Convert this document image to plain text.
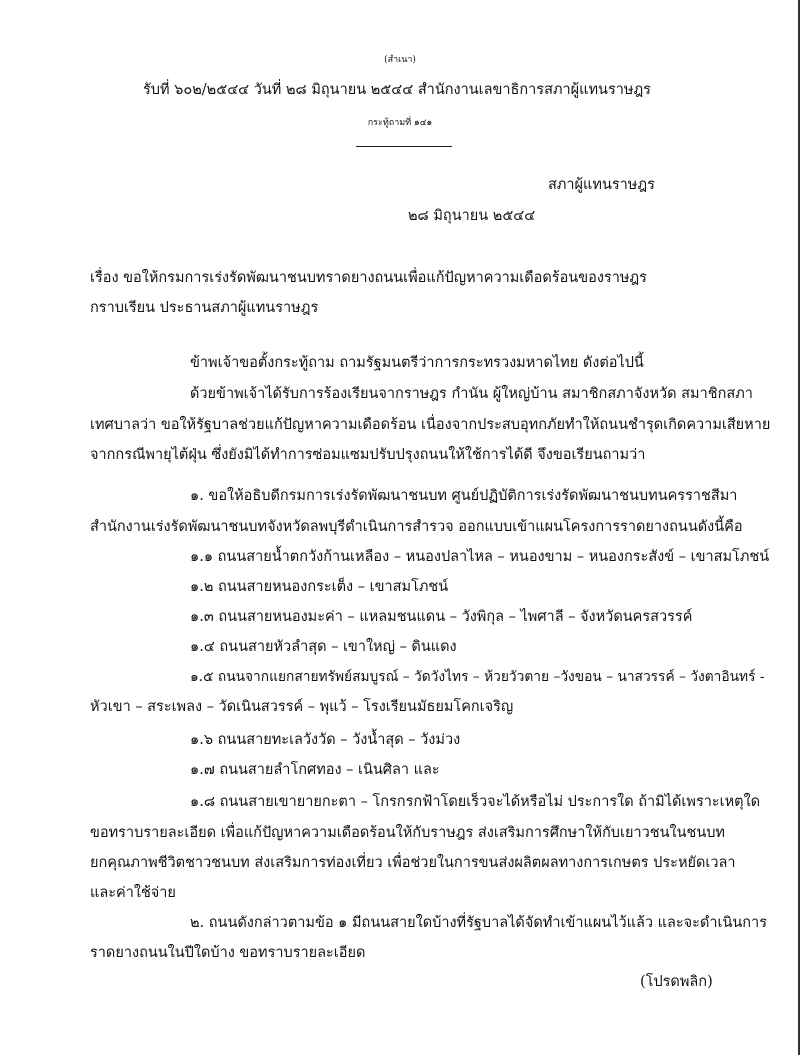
(สำเนา)
รับที่ ๖๐๒/๒๕๔๔ วันที่ ๒๘ มิถุนายน ๒๕๔๔ สำนักงานเลขาธิการสภาผู้แทนราษฎร
กระทู้ถามที่ ๑๔๑
สภาผู้แทนราษฎร
๒๘ มิถุนายน ๒๕๔๔
เรื่อง ขอให้กรมการเร่งรัดพัฒนาชนบทราดยางถนนเพื่อแก้ปัญหาความเดือดร้อนของราษฎร
กราบเรียน ประธานสภาผู้แทนราษฎร
ข้าพเจ้าขอตั้งกระทู้ถาม ถามรัฐมนตรีว่าการกระทรวงมหาดไทย ดังต่อไปนี้
ด้วยข้าพเจ้าได้รับการร้องเรียนจากราษฎร กำนัน ผู้ใหญ่บ้าน สมาชิกสภาจังหวัด สมาชิกสภา
เทศบาลว่า ขอให้รัฐบาลช่วยแก้ปัญหาความเดือดร้อน เนื่องจากประสบอุทกภัยทำให้ถนนชำรุดเกิดความเสียหาย
จากกรณีพายุไต้ฝุ่น ซึ่งยังมิได้ทำการซ่อมแซมปรับปรุงถนนให้ใช้การได้ดี จึงขอเรียนถามว่า
๑. ขอให้อธิบดีกรมการเร่งรัดพัฒนาชนบท ศูนย์ปฏิบัติการเร่งรัดพัฒนาชนบทนครราชสีมา
สำนักงานเร่งรัดพัฒนาชนบทจังหวัดลพบุรีดำเนินการสำรวจ ออกแบบเข้าแผนโครงการราดยางถนนดังนี้คือ
๑.๑ ถนนสายน้ำตกวังก้านเหลือง – หนองปลาไหล – หนองขาม – หนองกระสังข์ – เขาสมโภชน์
๑.๒ ถนนสายหนองกระเต็ง – เขาสมโภชน์
๑.๓ ถนนสายหนองมะค่า – แหลมชนแดน – วังพิกุล – ไพศาลี – จังหวัดนครสวรรค์
๑.๔ ถนนสายหัวลำสุด – เขาใหญ่ – ดินแดง
๑.๕ ถนนจากแยกสายทรัพย์สมบูรณ์ – วัดวังไทร – ห้วยวัวตาย –วังขอน – นาสวรรค์ – วังตาอินทร์ -
หัวเขา – สระเพลง – วัดเนินสวรรค์ – พุแว้ – โรงเรียนมัธยมโคกเจริญ
๑.๖ ถนนสายทะเลวังวัด – วังน้ำสุด – วังม่วง
๑.๗ ถนนสายลำโกศทอง – เนินศิลา และ
๑.๘ ถนนสายเขายายกะตา – โกรกรกฟ้าโดยเร็วจะได้หรือไม่ ประการใด ถ้ามิได้เพราะเหตุใด
ขอทราบรายละเอียด เพื่อแก้ปัญหาความเดือดร้อนให้กับราษฎร ส่งเสริมการศึกษาให้กับเยาวชนในชนบท
ยกคุณภาพชีวิตชาวชนบท ส่งเสริมการท่องเที่ยว เพื่อช่วยในการขนส่งผลิตผลทางการเกษตร ประหยัดเวลา
และค่าใช้จ่าย
๒. ถนนดังกล่าวตามข้อ ๑ มีถนนสายใดบ้างที่รัฐบาลได้จัดทำเข้าแผนไว้แล้ว และจะดำเนินการ
ราดยางถนนในปีใดบ้าง ขอทราบรายละเอียด
(โปรดพลิก)
